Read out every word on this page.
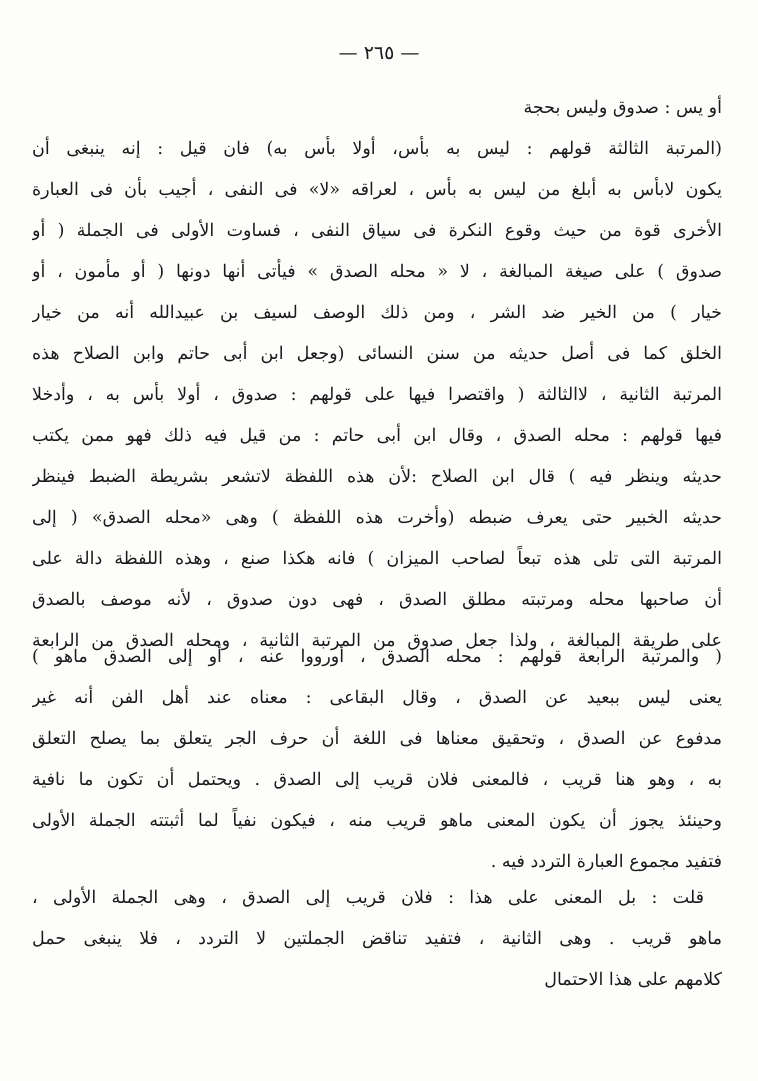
— ٢٦٥ —
أو يس : صدوق وليس بحجة
(المرتبة الثالثة قولهم : ليس به بأس، أولا بأس به) فان قيل : إنه ينبغى أن
يكون لابأس به أبلغ من ليس به بأس ، لعراقه «لا» فى النفى ، أجيب بأن فى العبارة
الأخرى قوة من حيث وقوع النكرة فى سياق النفى ، فساوت الأولى فى الجملة ( أو
صدوق ) على صيغة المبالغة ، لا « محله الصدق » فيأتى أنها دونها ( أو مأمون ، أو
خيار ) من الخير ضد الشر ، ومن ذلك الوصف لسيف بن عبيدالله أنه من خيار
الخلق كما فى أصل حديثه من سنن النسائى (وجعل ابن أبى حاتم وابن الصلاح هذه
المرتبة الثانية ، لاالثالثة ( واقتصرا فيها على قولهم : صدوق ، أولا بأس به ، وأدخلا
فيها قولهم : محله الصدق ، وقال ابن أبى حاتم : من قيل فيه ذلك فهو ممن يكتب
حديثه وينظر فيه ) قال ابن الصلاح :لأن هذه اللفظة لاتشعر بشريطة الضبط فينظر
حديثه الخبير حتى يعرف ضبطه (وأخرت هذه اللفظة ) وهى «محله الصدق» ( إلى
المرتبة التى تلى هذه تبعاً لصاحب الميزان ) فانه هكذا صنع ، وهذه اللفظة دالة على
أن صاحبها محله ومرتبته مطلق الصدق ، فهى دون صدوق ، لأنه موصف بالصدق
على طريقة المبالغة ، ولذا جعل صدوق من المرتبة الثانية ، ومحله الصدق من الرابعة
( والمرتبة الرابعة قولهم : محله الصدق ، أورووا عنه ، أو إلى الصدق ماهو )
يعنى ليس ببعيد عن الصدق ، وقال البقاعى : معناه عند أهل الفن أنه غير
مدفوع عن الصدق ، وتحقيق معناها فى اللغة أن حرف الجر يتعلق بما يصلح التعلق
به ، وهو هنا قريب ، فالمعنى فلان قريب إلى الصدق . ويحتمل أن تكون ما نافية
وحينئذ يجوز أن يكون المعنى ماهو قريب منه ، فيكون نفياً لما أثبتته الجملة الأولى
فتفيد مجموع العبارة التردد فيه .
قلت : بل المعنى على هذا : فلان قريب إلى الصدق ، وهى الجملة الأولى ،
ماهو قريب . وهى الثانية ، فتفيد تناقض الجملتين لا التردد ، فلا ينبغى حمل
كلامهم على هذا الاحتمال
